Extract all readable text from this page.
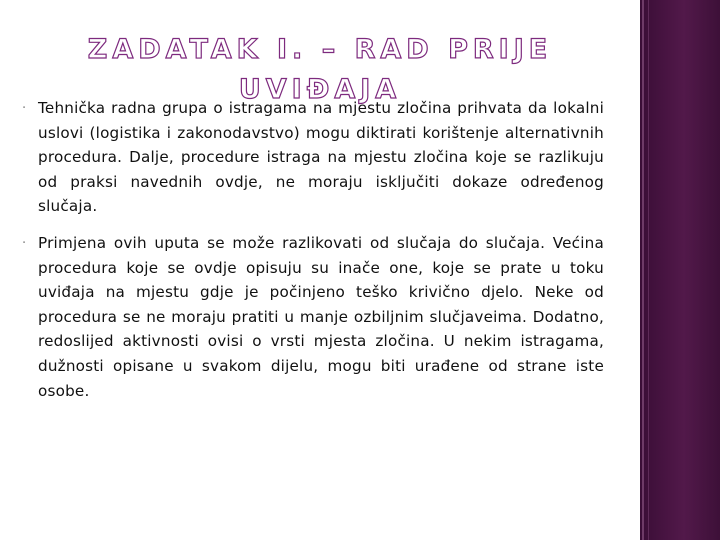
ZADATAK I. – RAD PRIJE UVIĐAJA
· Tehnička radna grupa o istragama na mjestu zločina prihvata da lokalni uslovi (logistika i zakonodavstvo) mogu diktirati korištenje alternativnih procedura. Dalje, procedure istraga na mjestu zločina koje se razlikuju od praksi navednih ovdje, ne moraju isključiti dokaze određenog slučaja.
· Primjena ovih uputa se može razlikovati od slučaja do slučaja. Većina procedura koje se ovdje opisuju su inače one, koje se prate u toku uviđaja na mjestu gdje je počinjeno teško krivično djelo. Neke od procedura se ne moraju pratiti u manje ozbiljnim slučjaveima. Dodatno, redoslijed aktivnosti ovisi o vrsti mjesta zločina. U nekim istragama, dužnosti opisane u svakom dijelu, mogu biti urađene od strane iste osobe.
